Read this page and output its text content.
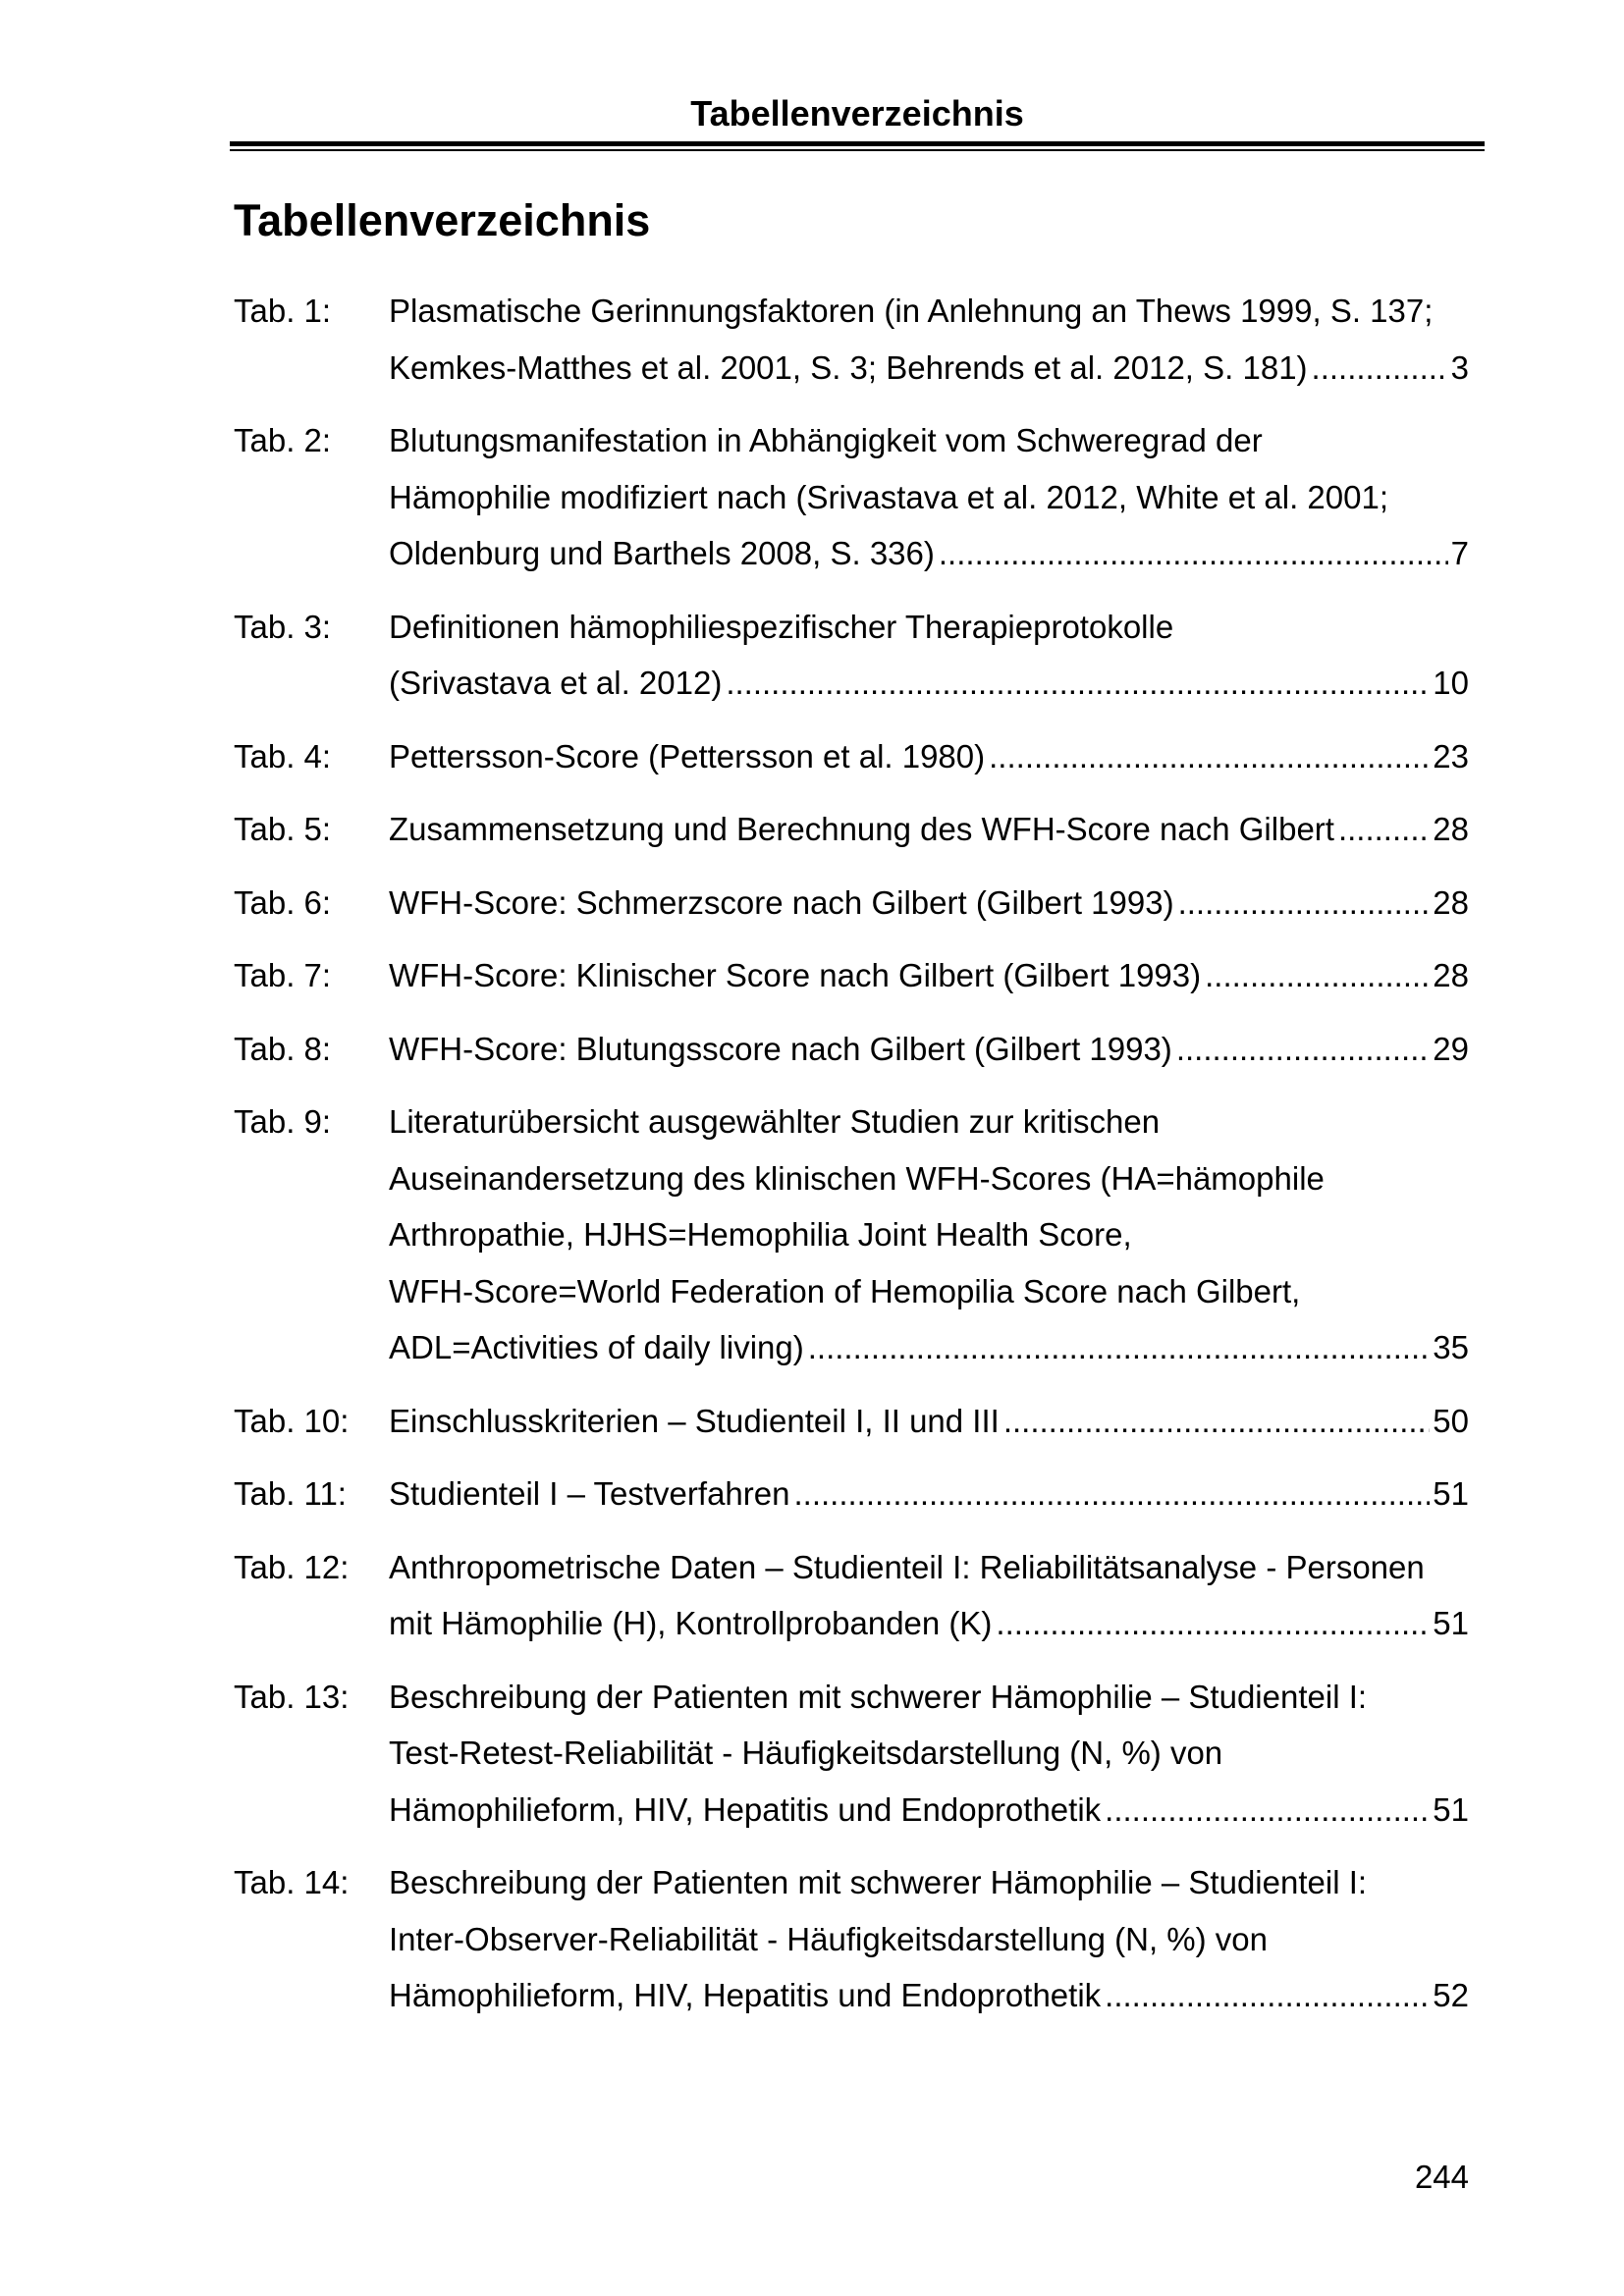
Tabellenverzeichnis
Tabellenverzeichnis
Tab. 1:	Plasmatische Gerinnungsfaktoren (in Anlehnung an Thews 1999, S. 137;
Kemkes-Matthes et al. 2001, S. 3; Behrends et al. 2012, S. 181) .....	3
Tab. 2:	Blutungsmanifestation in Abhängigkeit vom Schweregrad der
Hämophilie modifiziert nach (Srivastava et al. 2012, White et al. 2001;
Oldenburg und Barthels 2008, S. 336) .....	7
Tab. 3:	Definitionen hämophiliespezifischer Therapieprotokolle
(Srivastava et al. 2012) .....	10
Tab. 4:	Pettersson-Score (Pettersson et al. 1980) .....	23
Tab. 5:	Zusammensetzung und Berechnung des WFH-Score nach Gilbert .....	28
Tab. 6:	WFH-Score: Schmerzscore nach Gilbert (Gilbert 1993) .....	28
Tab. 7:	WFH-Score: Klinischer Score nach Gilbert (Gilbert 1993) .....	28
Tab. 8:	WFH-Score: Blutungsscore nach Gilbert (Gilbert 1993) .....	29
Tab. 9:	Literaturübersicht ausgewählter Studien zur kritischen
Auseinandersetzung des klinischen WFH-Scores (HA=hämophile
Arthropathie, HJHS=Hemophilia Joint Health Score,
WFH-Score=World Federation of Hemopilia Score nach Gilbert,
ADL=Activities of daily living) .....	35
Tab. 10:	Einschlusskriterien – Studienteil I, II und III .....	50
Tab. 11:	Studienteil I – Testverfahren .....	51
Tab. 12:	Anthropometrische Daten – Studienteil I: Reliabilitätsanalyse - Personen
mit Hämophilie (H), Kontrollprobanden (K) .....	51
Tab. 13:	Beschreibung der Patienten mit schwerer Hämophilie – Studienteil I:
Test-Retest-Reliabilität - Häufigkeitsdarstellung (N, %) von
Hämophilieform, HIV, Hepatitis und Endoprothetik .....	51
Tab. 14:	Beschreibung der Patienten mit schwerer Hämophilie – Studienteil I:
Inter-Observer-Reliabilität - Häufigkeitsdarstellung (N, %) von
Hämophilieform, HIV, Hepatitis und Endoprothetik .....	52
244
